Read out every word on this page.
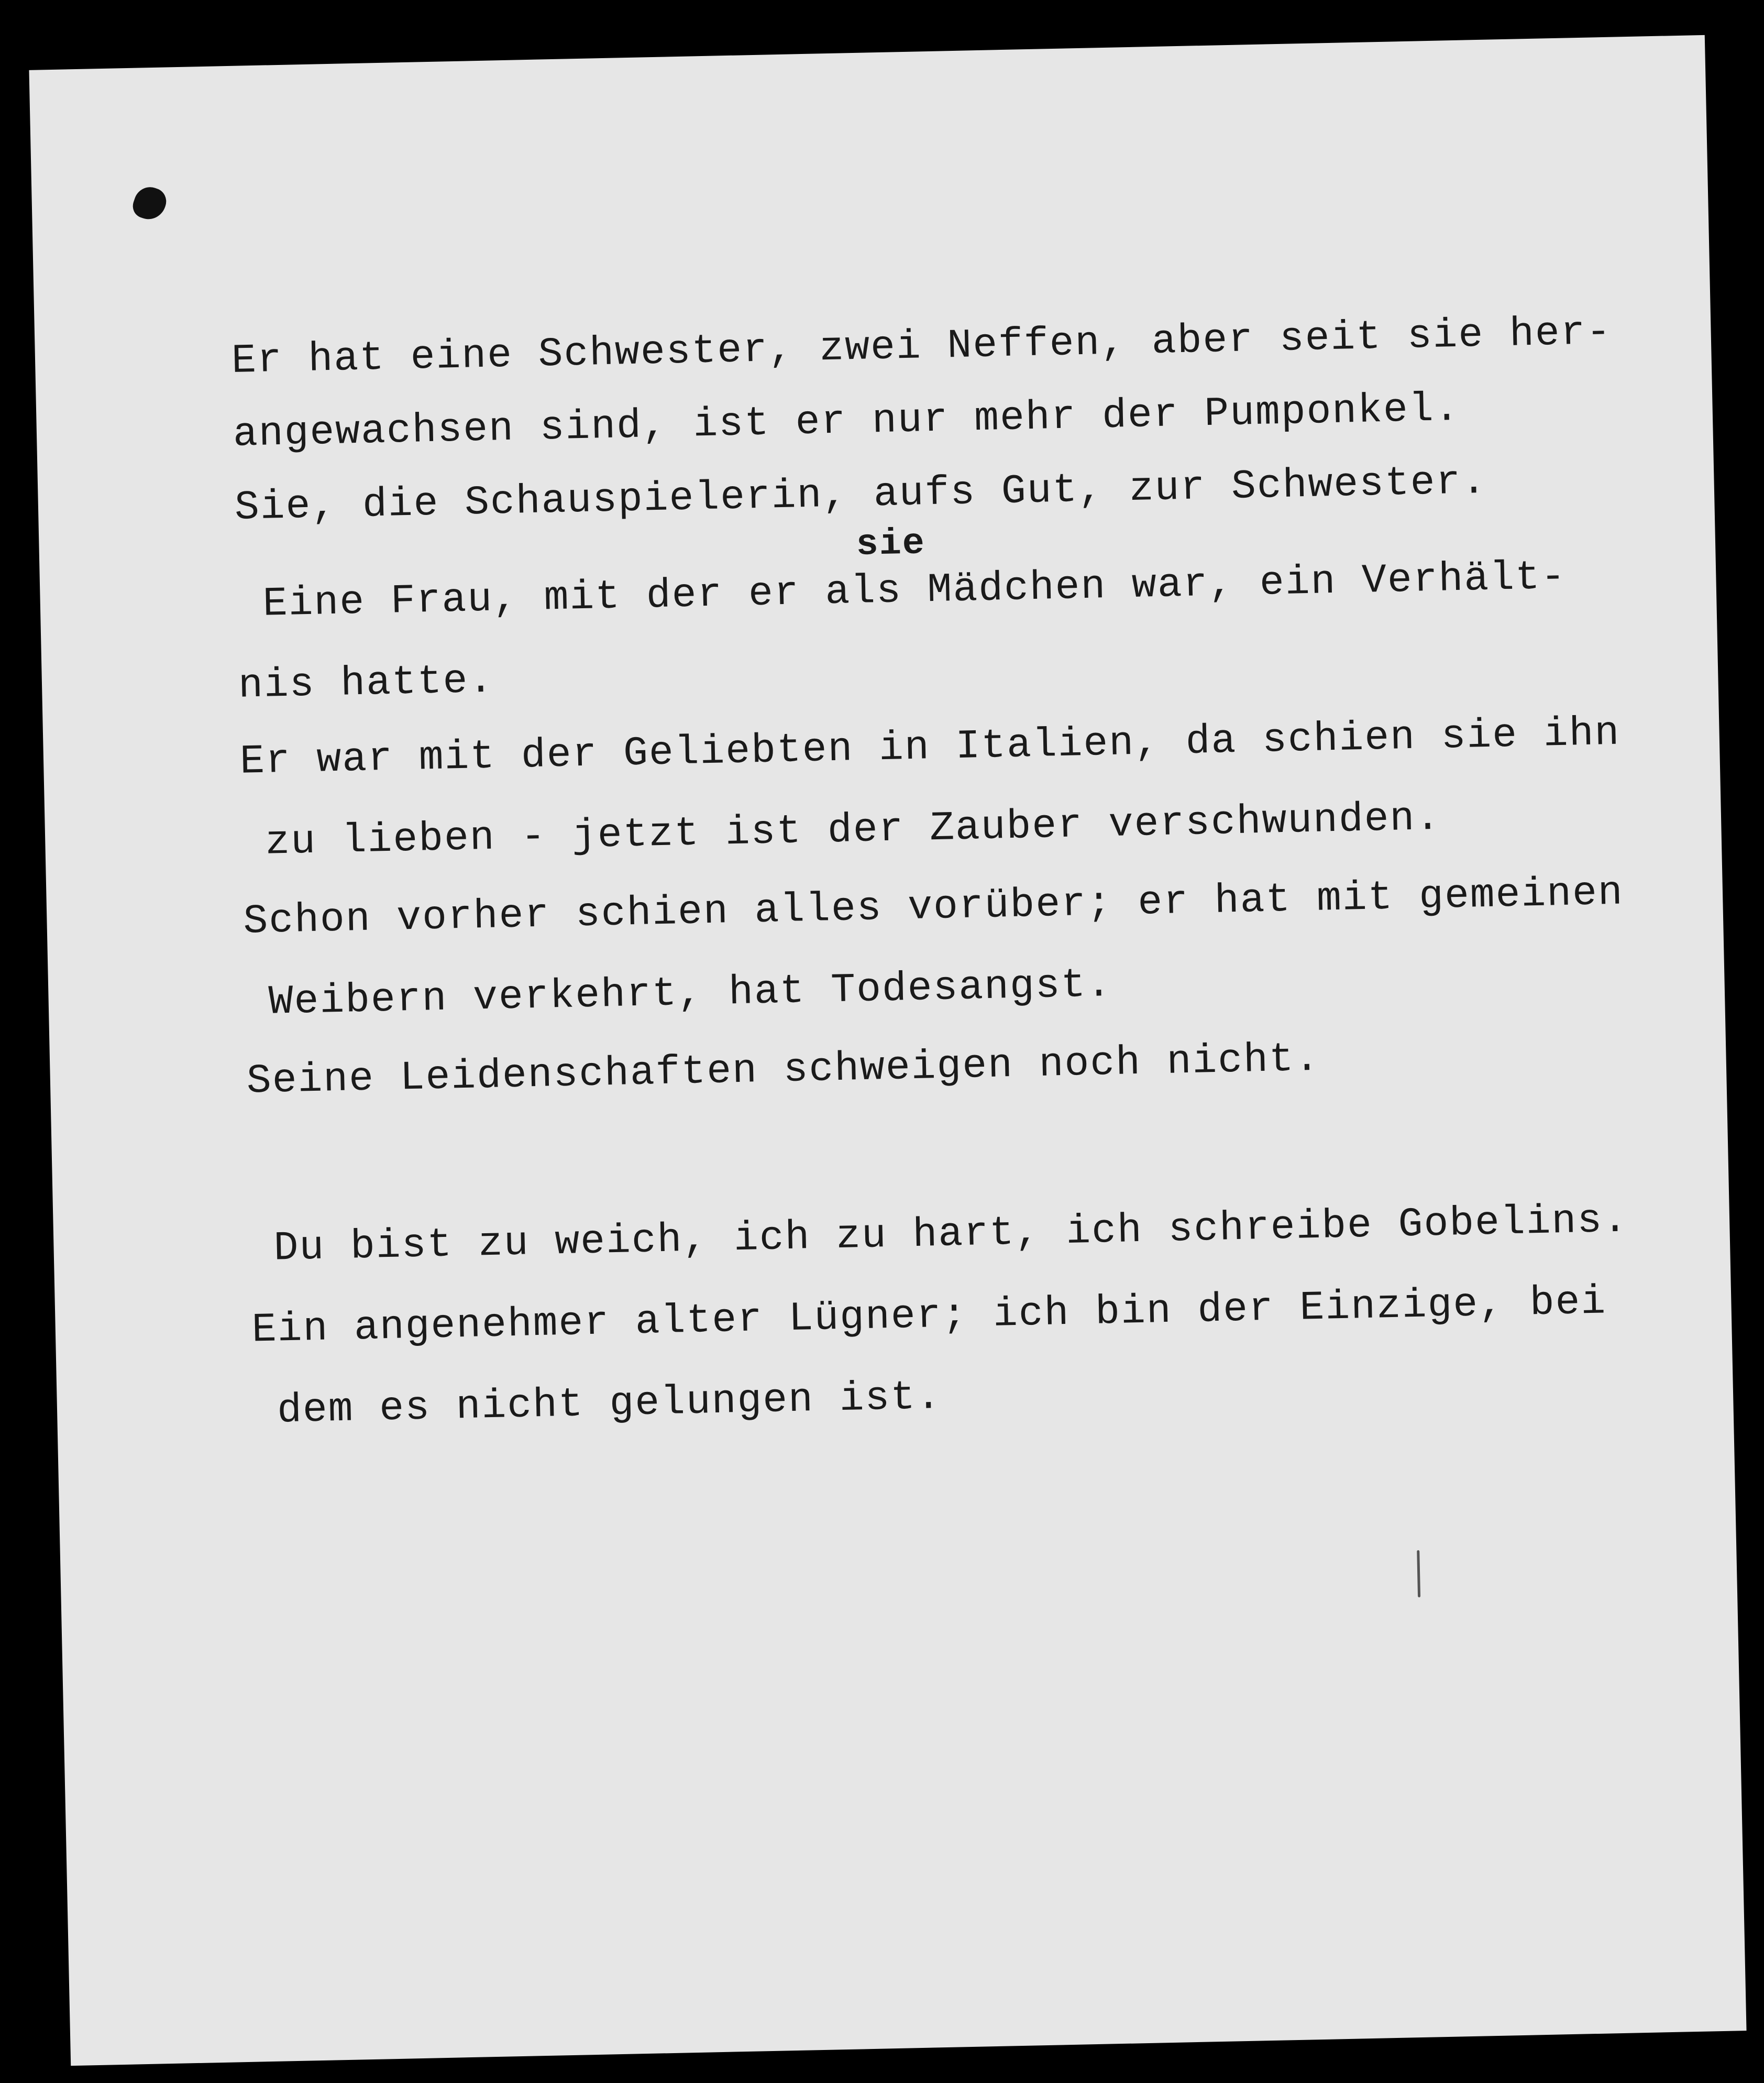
Er hat eine Schwester, zwei Neffen, aber seit sie her-

angewachsen sind, ist er nur mehr der Pumponkel.

Sie, die Schauspielerin, aufs Gut, zur Schwester.

sie

Eine Frau, mit der er als Mädchen war, ein Verhält-

nis hatte.

Er war mit der Geliebten in Italien, da schien sie ihn

zu lieben - jetzt ist der Zauber verschwunden.

Schon vorher schien alles vorüber; er hat mit gemeinen

Weibern verkehrt, hat Todesangst.

Seine Leidenschaften schweigen noch nicht.

Du bist zu weich, ich zu hart, ich schreibe Gobelins.

Ein angenehmer alter Lügner; ich bin der Einzige, bei

dem es nicht gelungen ist.
